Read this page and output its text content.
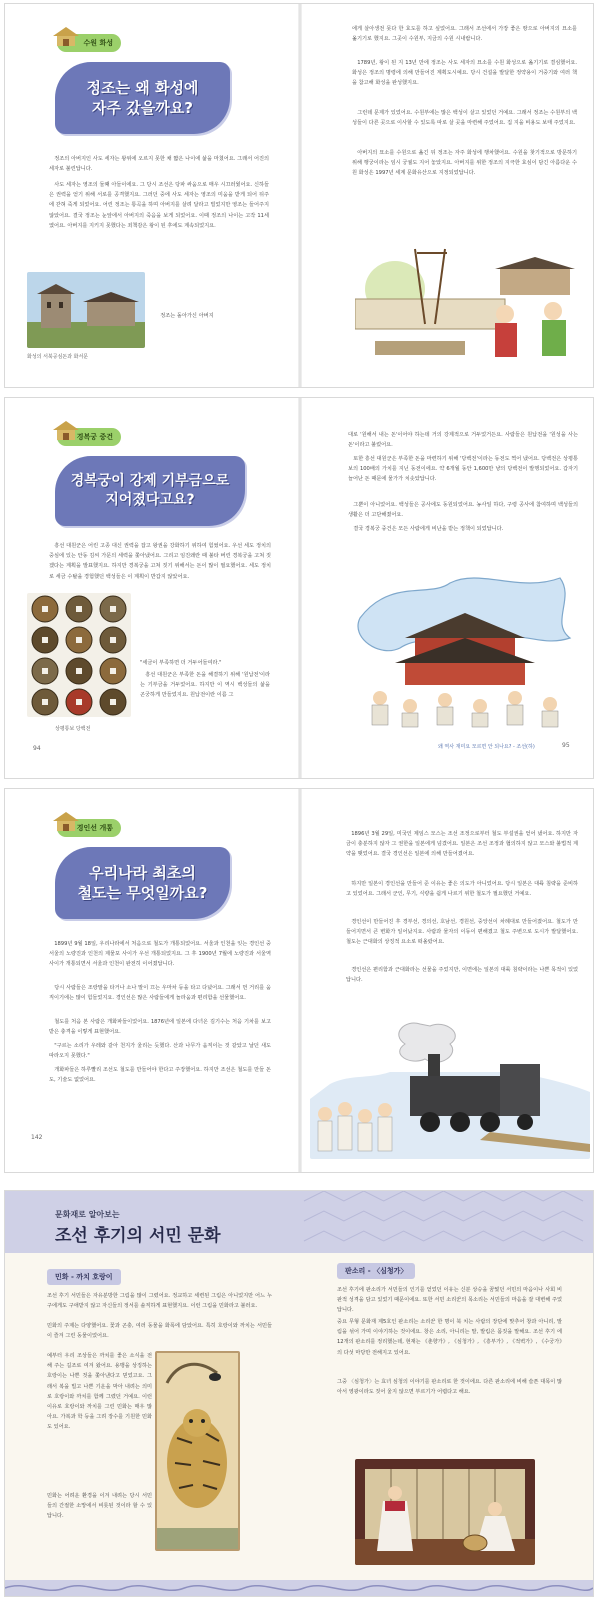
수원 화성
정조는 왜 화성에
자주 갔을까요?

정조의 아버지인 사도 세자는 왕위에 오르지 못한 채 짧은 나이에 삶을 마쳤어요. 그래서 어진의 세자로 불린답니다.

사도 세자는 영조의 둘째 아들이에요. 그 당시 조선은 당파 싸움으로 매우 시끄러웠어요. 신하들은 권력을 얻기 위해 서로를 공격했지요. 그러던 중에 사도 세자는 영조의 미움을 받게 되어 뒤주에 갇혀 죽게 되었어요. 어린 정조는 통곡을 하며 아버지를 살려 달라고 빌었지만 영조는 들어주지 않았어요. 결국 정조는 눈앞에서 아버지의 죽음을 보게 되었어요. 이때 정조의 나이는 고작 11세였어요. 아버지를 지키지 못했다는 죄책감은 왕이 된 후에도 계속되었지요.

정조는 돌아가신 아버지

화성의 서북공심돈과 화서문

에게 살아생전 못다 한 효도를 하고 싶었어요. 그래서 조선에서 가장 좋은 땅으로 아버지의 묘소를 옮기기로 했지요. 그곳이 수원부, 지금의 수원 시내랍니다.

1789년, 왕이 된 지 13년 만에 정조는 사도 세자의 묘소를 수원 화성으로 옮기기로 결심했어요. 화성은 정조의 명령에 의해 만들어진 계획도시예요. 당시 건설을 발달한 정약용이 거중기와 여러 책을 참고해 화성을 완성했지요.

그런데 문제가 있었어요. 수원부에는 많은 백성이 살고 있었던 거예요. 그래서 정조는 수원부의 백성들이 다른 곳으로 이사할 수 있도록 따로 살 곳을 마련해 주었어요. 집 지을 비용도 보태 주었지요.

아버지의 묘소를 수원으로 옮긴 뒤 정조는 자주 화성에 행차했어요. 수원을 찾기적으로 방문하기 위해 행궁이라는 임시 궁궐도 지어 놓았지요. 아버지를 위한 정조의 지극한 효심이 담긴 아름다운 수원 화성은 1997년 세계 문화유산으로 지정되었답니다.

경복궁 중건
경복궁이 강제 기부금으로
지어졌다고요?

흥선 대원군은 어린 고종 대신 권력을 잡고 왕권을 강화하기 위하여 힘썼어요. 우선 세도 정치의 중심에 있는 안동 김씨 가문의 세력을 쫓아냈어요. 그리고 임진왜란 때 불타 버린 경복궁을 고쳐 짓겠다는 계획을 발표했지요. 하지만 경복궁을 고쳐 짓기 위해서는 돈이 많이 필요했어요. 세도 정치로 세금 수탈을 경험했던 백성들은 이 계획이 반갑지 않았어요.

"세금이 부족하면 더 거두어들여라."

흥선 대원군은 부족한 돈을 해결하기 위해 '원납전'이라는 기부금을 거두었어요. 하지만 이 역시 백성들의 삶을 곤궁하게 만들었지요. 원납전이란 이름 그

상평통보 당백전
94

대로 '원해서 내는 돈'이어야 하는데 거의 강제적으로 거두었거든요. 사람들은 원납전을 '원성을 사는 돈'이라고 불렀어요.

또한 흥선 대원군은 부족한 돈을 마련하기 위해 '당백전'이라는 동전도 찍어 냈어요. 당백전은 상평통보의 100배의 가치를 지닌 동전이에요. 약 6개월 동안 1,600만 냥의 당백전이 발행되었어요. 갑자기 늘어난 돈 때문에 물가가 치솟았답니다.

그뿐이 아니었어요. 백성들은 공사에도 동원되었어요. 농사일 하다, 구령 공사에 참여하며 백성들의 생활은 더 고단해졌어요.

결국 경복궁 중건은 모든 사람에게 비난을 받는 정책이 되었답니다.

왜 역사 재미요 모르면 안 되나요? - 조선(하)	95
경인선 개통
우리나라 최초의
철도는 무엇일까요?

1899년 9월 18일, 우리나라에서 처음으로 철도가 개통되었어요. 서울과 인천을 잇는 경인선 중 서울의 노량진과 인천의 제물포 사이가 우선 개통되었지요. 그 후 1900년 7월에 노량진과 서울역 사이가 개통되면서 서울과 인천이 완전히 이어졌답니다.

당시 사람들은 조랑말을 타거나 소나 말이 끄는 우마차 등을 타고 다녔어요. 그래서 먼 거리를 움직이기에는 많이 힘들었지요. 경인선은 많은 사람들에게 놀라움과 편리함을 선물했어요.

철도를 처음 본 사람은 개화파들이었어요. 1876년에 일본에 다녀온 김기수는 처음 기차를 보고 받은 충격을 이렇게 표현했어요.

"구르는 소리가 우레와 같아 천지가 울리는 듯했다. 산과 나무가 움직이는 것 같았고 날던 새도 따라오지 못했다."

개화파들은 하루빨리 조선도 철도를 만들어야 한다고 주장했어요. 하지만 조선은 철도를 만들 돈도, 기술도 없었어요.

142

1896년 3월 29일, 미국인 제임스 모스는 조선 조정으로부터 철도 부설권을 얻어 냈어요. 하지만 자금이 충분하지 않자 그 권한을 일본에게 넘겼어요. 일본은 조선 조정과 협의하지 않고 모스와 불법적 계약을 맺었어요. 결국 경인선은 일본에 의해 만들어졌어요.

하지만 일본이 경인선을 만들어 준 이유는 좋은 의도가 아니었어요. 당시 일본은 대륙 침략을 준비하고 있었어요. 그래서 군인, 무기, 식량을 쉽게 나르기 위한 철도가 필요했던 거예요.

경인선이 만들어진 후 경부선, 경의선, 호남선, 경원선, 중앙선이 차례대로 만들어졌어요. 철도가 만들어지면서 큰 변화가 일어났지요. 사람과 물자의 이동이 편해졌고 철도 주변으로 도시가 발달했어요. 철도는 근대화의 상징적 요소로 떠올랐어요.

경인선은 편리함과 근대화라는 선물을 주었지만, 이면에는 일본의 대륙 침략이라는 나쁜 목적이 있었답니다.

문화재로 알아보는
조선 후기의 서민 문화
민화 - 까치 호랑이

조선 후기 서민들은 자유분방한 그림을 많이 그렸어요. 정교하고 세련된 그림은 아니었지만 어느 누구에게도 구애받지 않고 자신들의 정서를 솔직하게 표현했지요. 이런 그림을 민화라고 불러요.

민화의 주제는 다양했어요. 꽃과 곤충, 여러 동물을 화폭에 담았어요. 특히 호랑이와 까치는 서민들이 즐겨 그린 동물이었어요.

예부터 우리 조상들은 까치를 좋은 소식을 전해 주는 길조로 여겨 왔어요. 용맹을 상징하는 호랑이는 나쁜 것을 쫓아낸다고 믿었고요. 그래서 복을 빌고 나쁜 기운을 막아 내려는 의미로 호랑이와 까치를 함께 그렸던 거예요. 이런 이유로 호랑이와 까치를 그린 민화는 매우 많아요. 가복과 학 등을 그려 장수를 기원한 민화도 있어요.

민화는 어려운 환경을 이겨 내려는 당시 서민들의 간절한 소망에서 비롯된 것이라 할 수 있답니다.

판소리 - 〈심청가〉

조선 후기에 판소리가 서민들의 인기를 얻었던 이유는 신분 상승을 꿈꿨던 서민의 마음이나 사회 비판적 성격을 담고 있었기 때문이에요. 또한 서민 소리꾼의 목소리는 서민들의 마음을 잘 대변해 주었답니다.

중요 무형 문화재 제5호인 판소리는 소리꾼 한 명이 북 치는 사람의 장단에 맞추어 창과 아니리, 발림을 섞어 가며 이야기하는 것이에요. 창은 소리, 아니리는 말, 발림은 몸짓을 말해요. 조선 후기 에 12개의 판소리를 정리했는데, 현재는 《춘향가》, 《심청가》, 《흥부가》, 《적벽가》, 《수궁가》의 다섯 마당만 전해지고 있어요.

그중 〈심청가〉는 효녀 심청의 이야기를 판소리로 한 것이에요. 다른 판소리에 비해 슬픈 대목이 많아서 영광이라도 짓어 울지 않으면 부르기가 어렵다고 해요.
